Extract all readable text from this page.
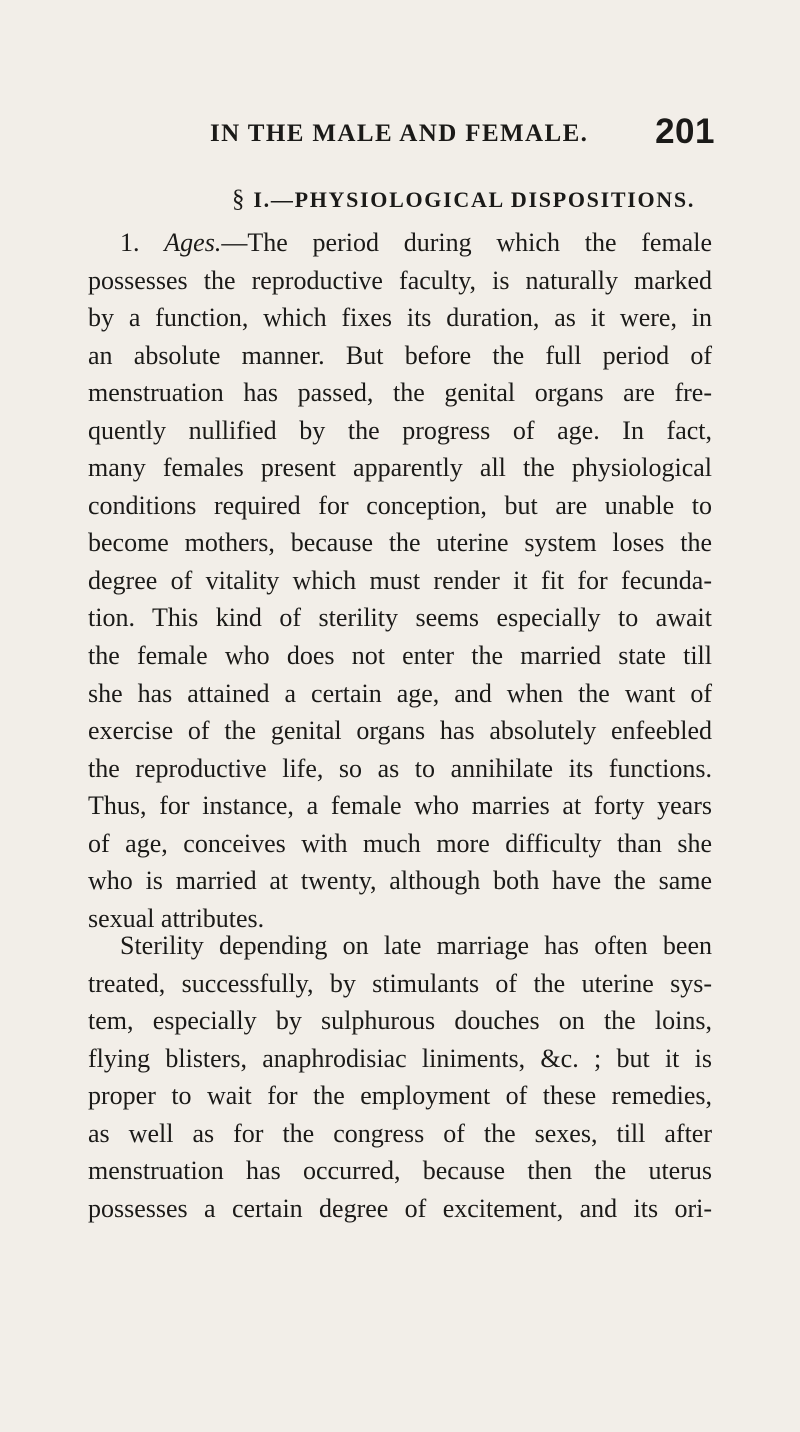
IN THE MALE AND FEMALE. 201
§ I.—PHYSIOLOGICAL DISPOSITIONS.
1. Ages.—The period during which the female
possesses the reproductive faculty, is naturally marked
by a function, which fixes its duration, as it were, in
an absolute manner. But before the full period of
menstruation has passed, the genital organs are fre-
quently nullified by the progress of age. In fact,
many females present apparently all the physiological
conditions required for conception, but are unable to
become mothers, because the uterine system loses the
degree of vitality which must render it fit for fecunda-
tion. This kind of sterility seems especially to await
the female who does not enter the married state till
she has attained a certain age, and when the want of
exercise of the genital organs has absolutely enfeebled
the reproductive life, so as to annihilate its functions.
Thus, for instance, a female who marries at forty years
of age, conceives with much more difficulty than she
who is married at twenty, although both have the same
sexual attributes.
Sterility depending on late marriage has often been
treated, successfully, by stimulants of the uterine sys-
tem, especially by sulphurous douches on the loins,
flying blisters, anaphrodisiac liniments, &c. ; but it is
proper to wait for the employment of these remedies,
as well as for the congress of the sexes, till after
menstruation has occurred, because then the uterus
possesses a certain degree of excitement, and its ori-
